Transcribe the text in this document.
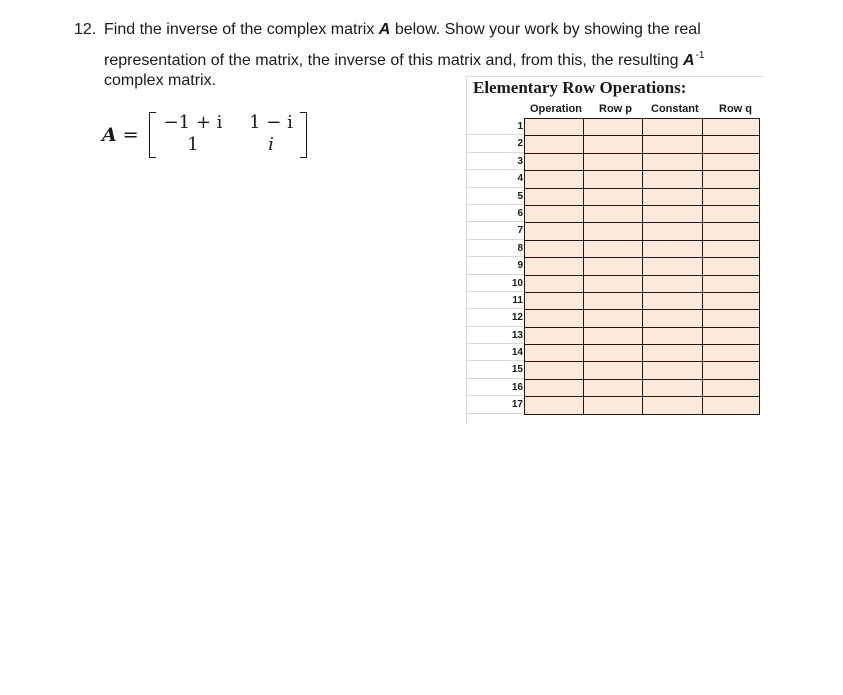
12. Find the inverse of the complex matrix A below. Show your work by showing the real
representation of the matrix, the inverse of this matrix and, from this, the resulting $A^{-1}$
complex matrix.
A =
−1 + i	1 − i
1	i
Elementary Row Operations:
Operation Row p Constant Row q
1
2
3
4
5
6
7
8
9
10
11
12
13
14
15
16
17
